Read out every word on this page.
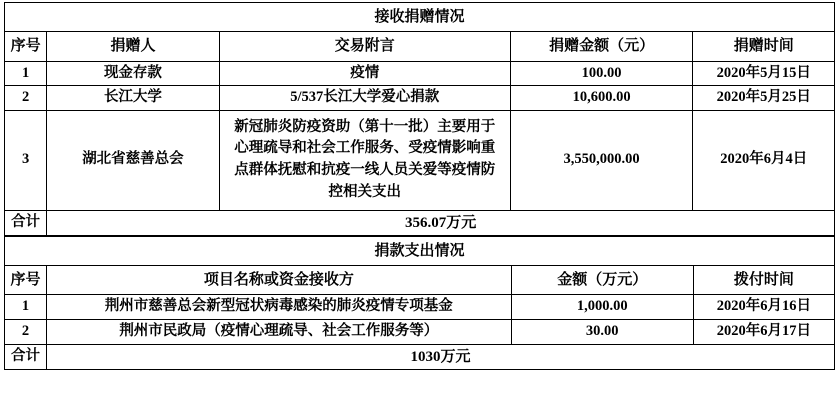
接收捐赠情况				
序号	捐赠人	交易附言	捐赠金额（元）	捐赠时间
1	现金存款	疫情	100.00	2020年5月15日
2	长江大学	5/537长江大学爱心捐款	10,600.00	2020年5月25日
3	湖北省慈善总会	新冠肺炎防疫资助（第十一批）主要用于心理疏导和社会工作服务、受疫情影响重点群体抚慰和抗疫一线人员关爱等疫情防控相关支出	3,550,000.00	2020年6月4日
合计	356.07万元			
捐款支出情况			
序号	项目名称或资金接收方	金额（万元）	拨付时间
1	荆州市慈善总会新型冠状病毒感染的肺炎疫情专项基金	1,000.00	2020年6月16日
2	荆州市民政局（疫情心理疏导、社会工作服务等）	30.00	2020年6月17日
合计	1030万元		
